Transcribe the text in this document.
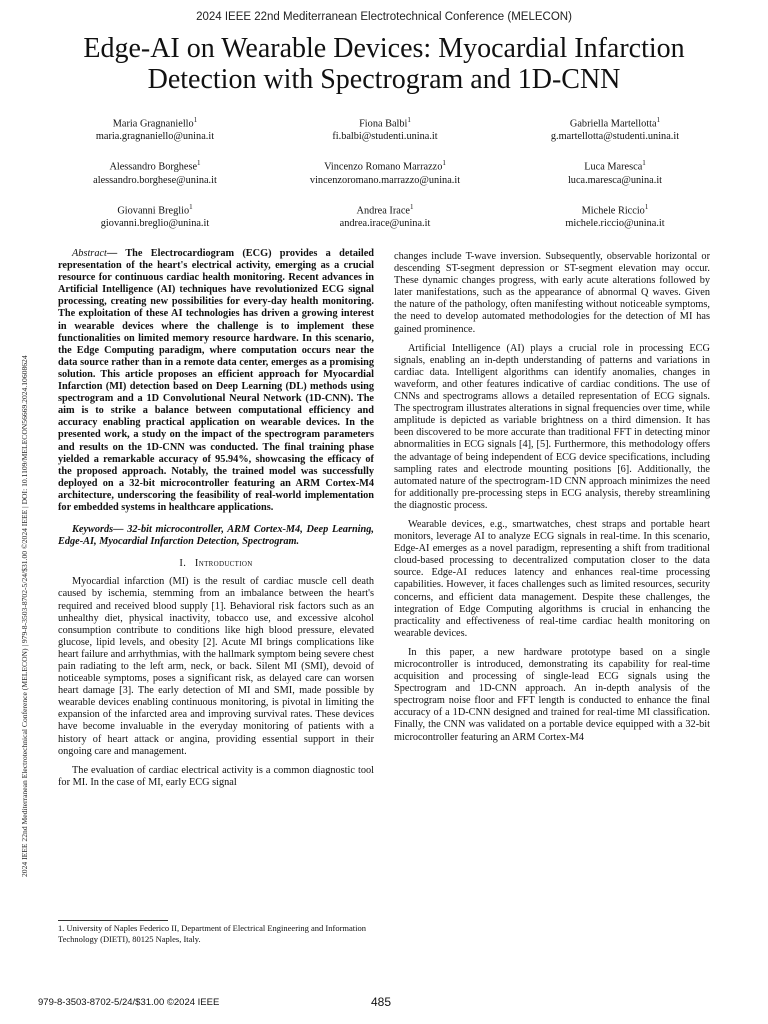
2024 IEEE 22nd Mediterranean Electrotechnical Conference (MELECON)
Edge-AI on Wearable Devices: Myocardial Infarction Detection with Spectrogram and 1D-CNN
Maria Gragnaniello$^1$
maria.gragnaniello@unina.it
Fiona Balbi$^1$
fi.balbi@studenti.unina.it
Gabriella Martellotta$^1$
g.martellotta@studenti.unina.it
Alessandro Borghese$^1$
alessandro.borghese@unina.it
Vincenzo Romano Marrazzo$^1$
vincenzoromano.marrazzo@unina.it
Luca Maresca$^1$
luca.maresca@unina.it
Giovanni Breglio$^1$
giovanni.breglio@unina.it
Andrea Irace$^1$
andrea.irace@unina.it
Michele Riccio$^1$
michele.riccio@unina.it
2024 IEEE 22nd Mediterranean Electrotechnical Conference (MELECON) | 979-8-3503-8702-5/24/$31.00 ©2024 IEEE | DOI: 10.1109/MELECON56669.2024.10608624

Abstract— The Electrocardiogram (ECG) provides a detailed representation of the heart's electrical activity, emerging as a crucial resource for continuous cardiac health monitoring. Recent advances in Artificial Intelligence (AI) techniques have revolutionized ECG signal processing, creating new possibilities for every-day health monitoring. The exploitation of these AI technologies has driven a growing interest in wearable devices where the challenge is to implement these functionalities on limited memory resource hardware. In this scenario, the Edge Computing paradigm, where computation occurs near the data source rather than in a remote data center, emerges as a promising solution. This article proposes an efficient approach for Myocardial Infarction (MI) detection based on Deep Learning (DL) methods using spectrogram and a 1D Convolutional Neural Network (1D-CNN). The aim is to strike a balance between computational efficiency and accuracy enabling practical application on wearable devices. In the presented work, a study on the impact of the spectrogram parameters and results on the 1D-CNN was conducted. The final training phase yielded a remarkable accuracy of 95.94%, showcasing the efficacy of the proposed approach. Notably, the trained model was successfully deployed on a 32-bit microcontroller featuring an ARM Cortex-M4 architecture, underscoring the feasibility of real-world implementation for embedded systems in healthcare applications.

Keywords— 32-bit microcontroller, ARM Cortex-M4, Deep Learning, Edge-AI, Myocardial Infarction Detection, Spectrogram.

I. Introduction

Myocardial infarction (MI) is the result of cardiac muscle cell death caused by ischemia, stemming from an imbalance between the heart's required and received blood supply [1]. Behavioral risk factors such as an unhealthy diet, physical inactivity, tobacco use, and excessive alcohol consumption contribute to conditions like high blood pressure, elevated glucose, lipid levels, and obesity [2]. Acute MI brings complications like heart failure and arrhythmias, with the hallmark symptom being severe chest pain radiating to the left arm, neck, or back. Silent MI (SMI), devoid of noticeable symptoms, poses a significant risk, as delayed care can worsen heart damage [3]. The early detection of MI and SMI, made possible by wearable devices enabling continuous monitoring, is pivotal in limiting the expansion of the infarcted area and improving survival rates. These devices have become invaluable in the everyday monitoring of patients with a history of heart attack or angina, providing essential support in their ongoing care and management.

The evaluation of cardiac electrical activity is a common diagnostic tool for MI. In the case of MI, early ECG signal

1. University of Naples Federico II, Department of Electrical Engineering and Information Technology (DIETI), 80125 Naples, Italy.

changes include T-wave inversion. Subsequently, observable horizontal or descending ST-segment depression or ST-segment elevation may occur. These dynamic changes progress, with early acute alterations followed by later manifestations, such as the appearance of abnormal Q waves. Given the nature of the pathology, often manifesting without noticeable symptoms, the need to develop automated methodologies for the detection of MI has gained prominence.

Artificial Intelligence (AI) plays a crucial role in processing ECG signals, enabling an in-depth understanding of patterns and variations in cardiac data. Intelligent algorithms can identify anomalies, changes in waveform, and other features indicative of cardiac conditions. The use of CNNs and spectrograms allows a detailed representation of ECG signals. The spectrogram illustrates alterations in signal frequencies over time, while amplitude is depicted as variable brightness on a third dimension. It has been discovered to be more accurate than traditional FFT in detecting minor abnormalities in ECG signals [4], [5]. Furthermore, this methodology offers the advantage of being independent of ECG device specifications, including sampling rates and electrode mounting positions [6]. Additionally, the automated nature of the spectrogram-1D CNN approach minimizes the need for additionally pre-processing steps in ECG analysis, thereby streamlining the diagnostic process.

Wearable devices, e.g., smartwatches, chest straps and portable heart monitors, leverage AI to analyze ECG signals in real-time. In this scenario, Edge-AI emerges as a novel paradigm, representing a shift from traditional cloud-based processing to decentralized computation closer to the data source. Edge-AI reduces latency and enhances real-time processing capabilities. However, it faces challenges such as limited resources, security concerns, and efficient data management. Despite these challenges, the integration of Edge Computing algorithms is crucial in enhancing the practicality and effectiveness of real-time cardiac health monitoring on wearable devices.

In this paper, a new hardware prototype based on a single microcontroller is introduced, demonstrating its capability for real-time acquisition and processing of single-lead ECG signals using the Spectrogram and 1D-CNN approach. An in-depth analysis of the spectrogram noise floor and FFT length is conducted to enhance the final accuracy of a 1D-CNN designed and trained for real-time MI classification. Finally, the CNN was validated on a portable device equipped with a 32-bit microcontroller featuring an ARM Cortex-M4

979-8-3503-8702-5/24/$31.00 ©2024 IEEE	485
